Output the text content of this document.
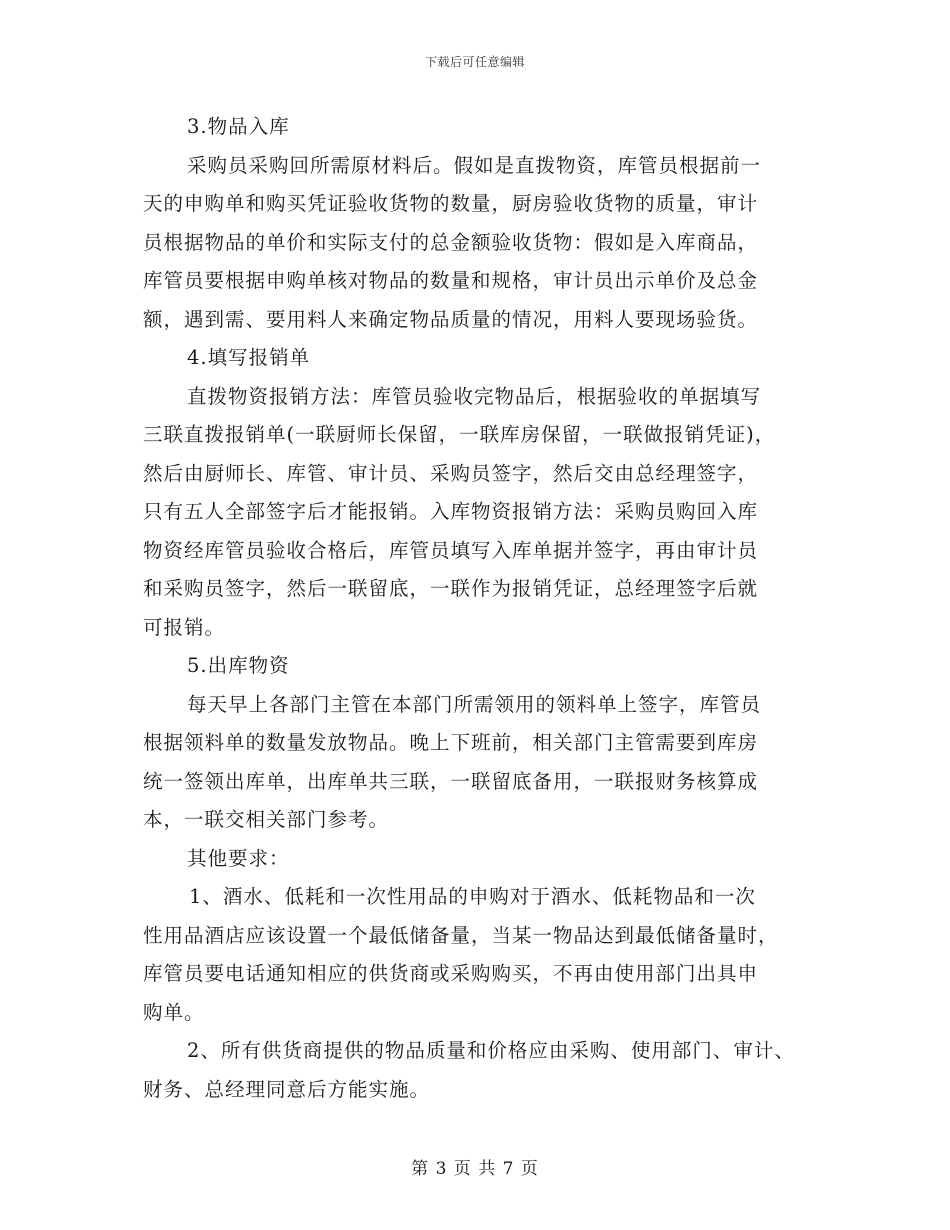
下载后可任意编辑
3.物品入库
采购员采购回所需原材料后。假如是直拨物资，库管员根据前一
天的申购单和购买凭证验收货物的数量，厨房验收货物的质量，审计
员根据物品的单价和实际支付的总金额验收货物：假如是入库商品，
库管员要根据申购单核对物品的数量和规格，审计员出示单价及总金
额，遇到需、要用料人来确定物品质量的情况，用料人要现场验货。
4.填写报销单
直拨物资报销方法：库管员验收完物品后，根据验收的单据填写
三联直拨报销单(一联厨师长保留，一联库房保留，一联做报销凭证)，
然后由厨师长、库管、审计员、采购员签字，然后交由总经理签字，
只有五人全部签字后才能报销。入库物资报销方法：采购员购回入库
物资经库管员验收合格后，库管员填写入库单据并签字，再由审计员
和采购员签字，然后一联留底，一联作为报销凭证，总经理签字后就
可报销。
5.出库物资
每天早上各部门主管在本部门所需领用的领料单上签字，库管员
根据领料单的数量发放物品。晚上下班前，相关部门主管需要到库房
统一签领出库单，出库单共三联，一联留底备用，一联报财务核算成
本，一联交相关部门参考。
其他要求：
1、酒水、低耗和一次性用品的申购对于酒水、低耗物品和一次
性用品酒店应该设置一个最低储备量，当某一物品达到最低储备量时，
库管员要电话通知相应的供货商或采购购买，不再由使用部门出具申
购单。
2、所有供货商提供的物品质量和价格应由采购、使用部门、审计、
财务、总经理同意后方能实施。
第 3 页 共 7 页
